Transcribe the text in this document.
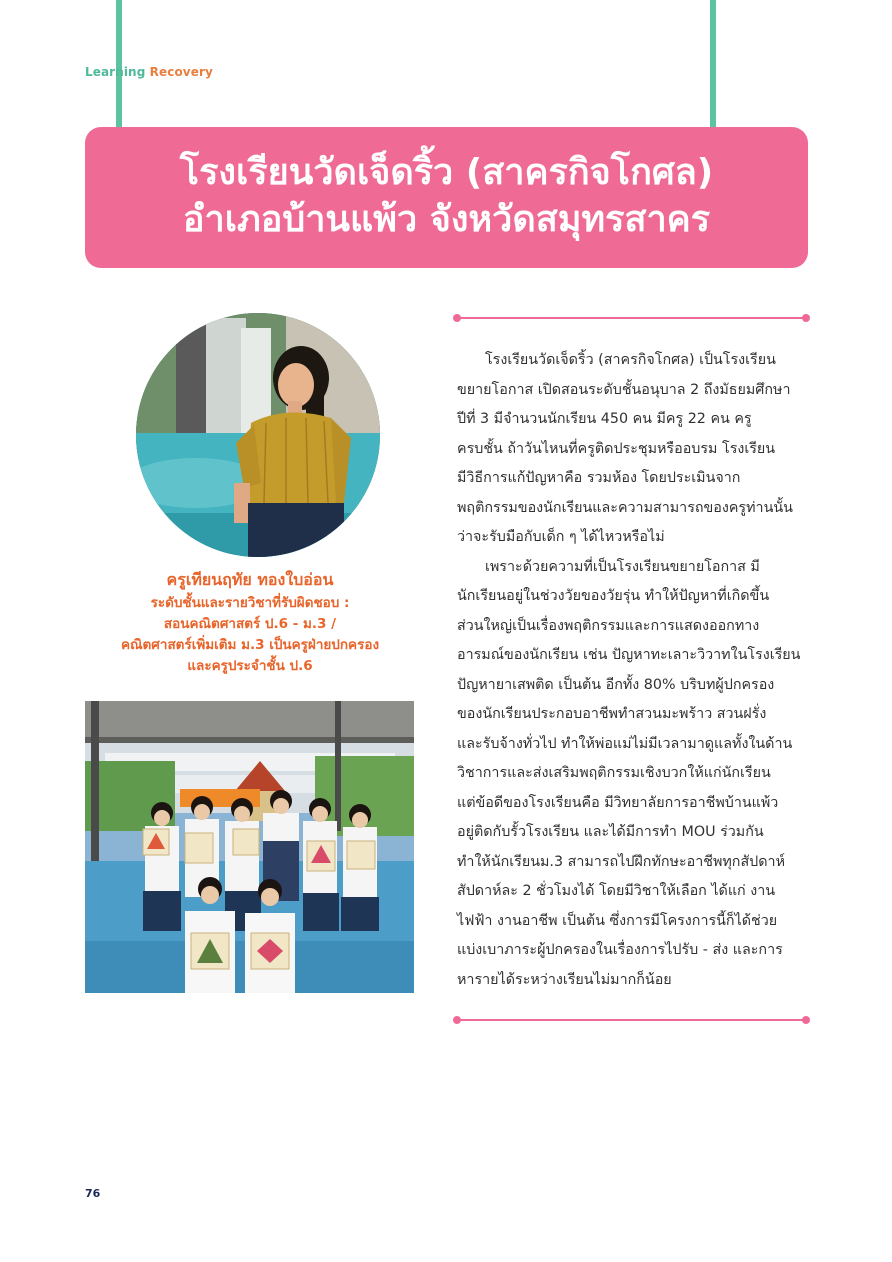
Learning Recovery
โรงเรียนวัดเจ็ดริ้ว (สาครกิจโกศล)
อำเภอบ้านแพ้ว จังหวัดสมุทรสาคร
ครูเทียนฤทัย ทองใบอ่อน
ระดับชั้นและรายวิชาที่รับผิดชอบ :
สอนคณิตศาสตร์ ป.6 - ม.3 /
คณิตศาสตร์เพิ่มเติม ม.3 เป็นครูฝ่ายปกครอง
และครูประจำชั้น ป.6
โรงเรียนวัดเจ็ดริ้ว (สาครกิจโกศล) เป็นโรงเรียน
ขยายโอกาส เปิดสอนระดับชั้นอนุบาล 2 ถึงมัธยมศึกษา
ปีที่ 3 มีจำนวนนักเรียน 450 คน มีครู 22 คน ครู
ครบชั้น ถ้าวันไหนที่ครูติดประชุมหรืออบรม โรงเรียน
มีวิธีการแก้ปัญหาคือ รวมห้อง โดยประเมินจาก
พฤติกรรมของนักเรียนและความสามารถของครูท่านนั้น
ว่าจะรับมือกับเด็ก ๆ ได้ไหวหรือไม่
เพราะด้วยความที่เป็นโรงเรียนขยายโอกาส มี
นักเรียนอยู่ในช่วงวัยของวัยรุ่น ทำให้ปัญหาที่เกิดขึ้น
ส่วนใหญ่เป็นเรื่องพฤติกรรมและการแสดงออกทาง
อารมณ์ของนักเรียน เช่น ปัญหาทะเลาะวิวาทในโรงเรียน
ปัญหายาเสพติด เป็นต้น อีกทั้ง 80% บริบทผู้ปกครอง
ของนักเรียนประกอบอาชีพทำสวนมะพร้าว สวนฝรั่ง
และรับจ้างทั่วไป ทำให้พ่อแม่ไม่มีเวลามาดูแลทั้งในด้าน
วิชาการและส่งเสริมพฤติกรรมเชิงบวกให้แก่นักเรียน
แต่ข้อดีของโรงเรียนคือ มีวิทยาลัยการอาชีพบ้านแพ้ว
อยู่ติดกับรั้วโรงเรียน และได้มีการทำ MOU ร่วมกัน
ทำให้นักเรียนม.3 สามารถไปฝึกทักษะอาชีพทุกสัปดาห์
สัปดาห์ละ 2 ชั่วโมงได้ โดยมีวิชาให้เลือก ได้แก่ งาน
ไฟฟ้า งานอาชีพ เป็นต้น ซึ่งการมีโครงการนี้ก็ได้ช่วย
แบ่งเบาภาระผู้ปกครองในเรื่องการไปรับ - ส่ง และการ
หารายได้ระหว่างเรียนไม่มากก็น้อย
76
